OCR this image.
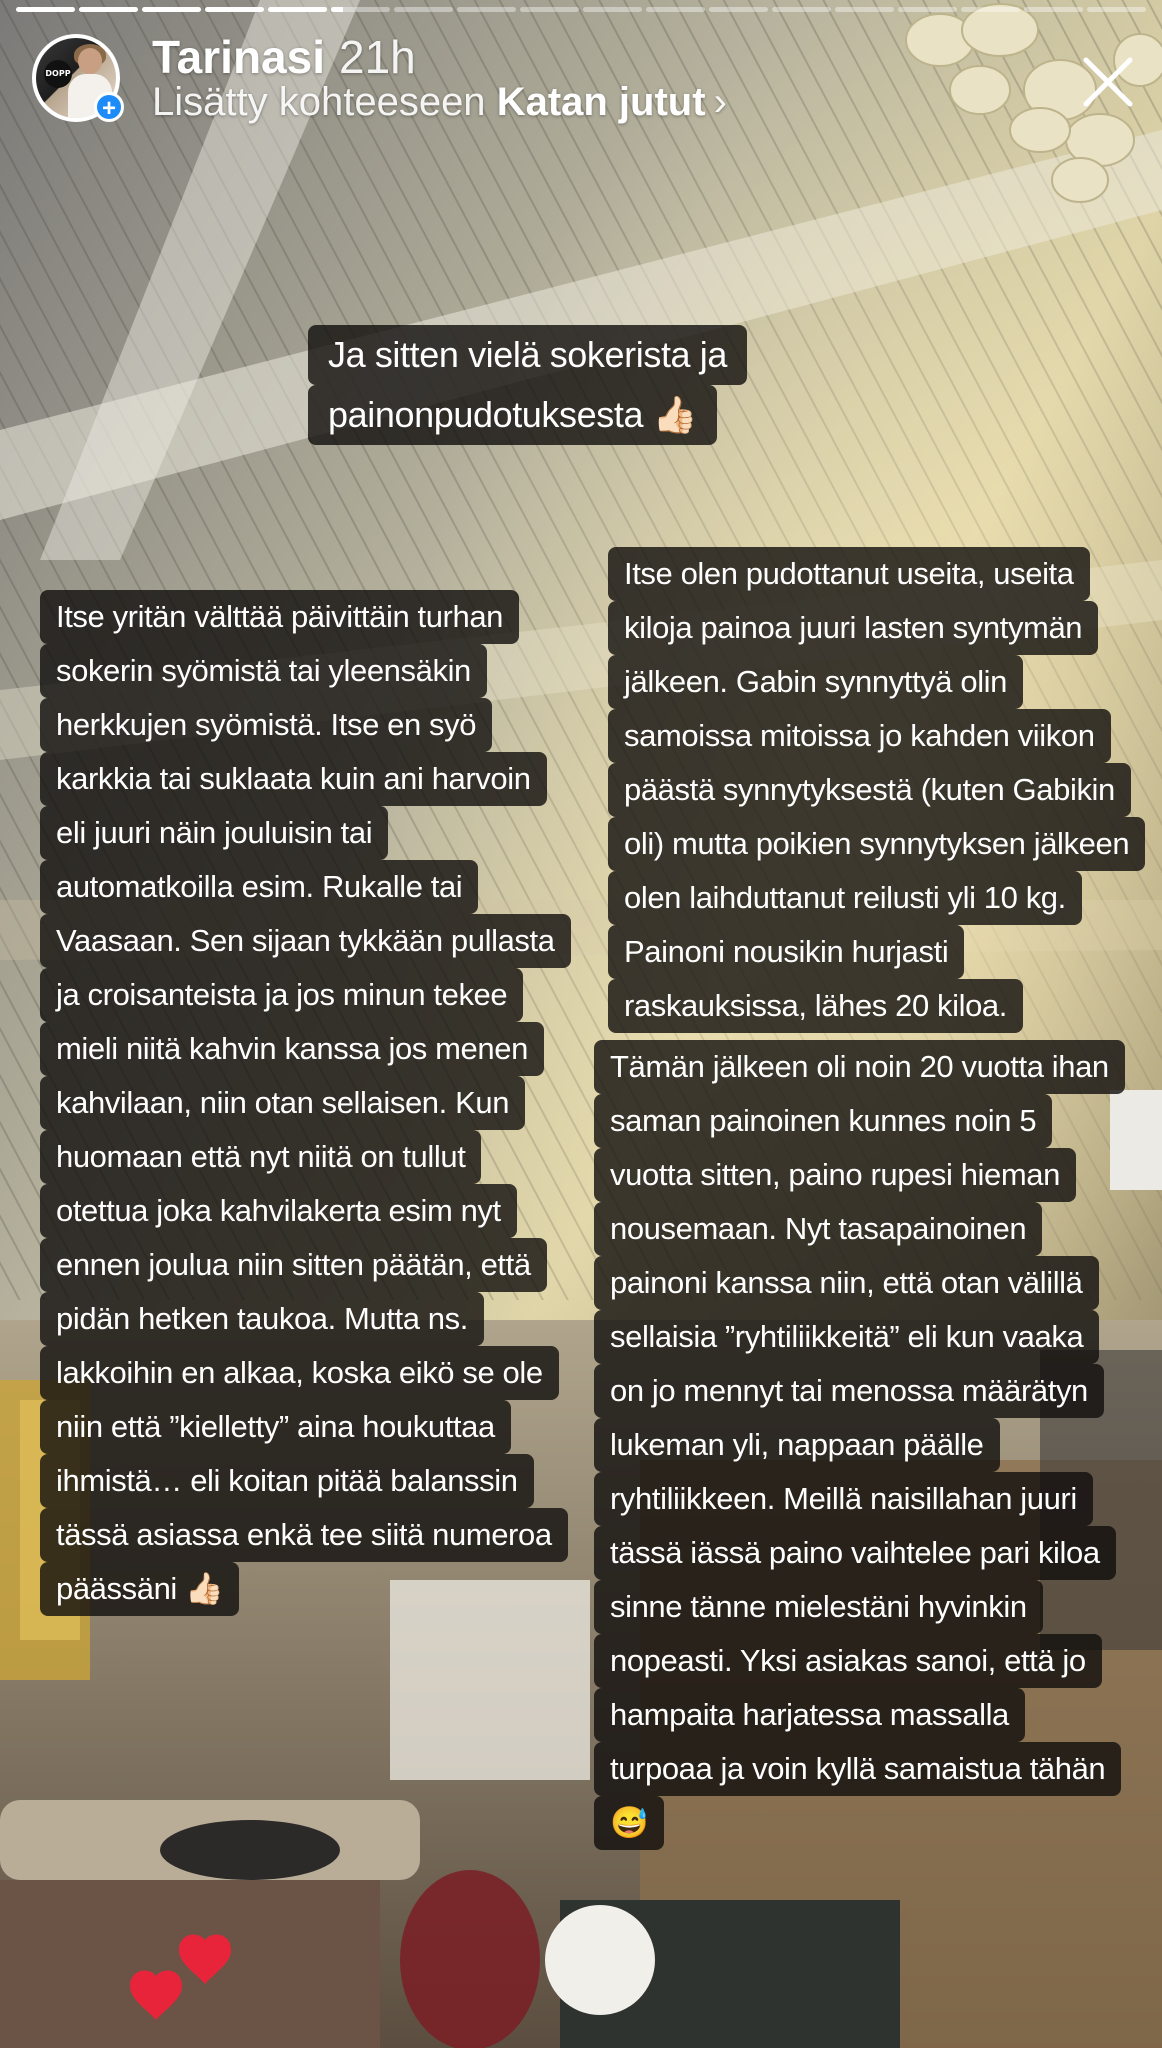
DOPP
+
Tarinasi 21h
Lisätty kohteeseen Katan jutut ›
Ja sitten vielä sokerista ja
painonpudotuksesta 👍🏻
Itse yritän välttää päivittäin turhan
sokerin syömistä tai yleensäkin
herkkujen syömistä. Itse en syö
karkkia tai suklaata kuin ani harvoin
eli juuri näin jouluisin tai
automatkoilla esim. Rukalle tai
Vaasaan. Sen sijaan tykkään pullasta
ja croisanteista ja jos minun tekee
mieli niitä kahvin kanssa jos menen
kahvilaan, niin otan sellaisen. Kun
huomaan että nyt niitä on tullut
otettua joka kahvilakerta esim nyt
ennen joulua niin sitten päätän, että
pidän hetken taukoa. Mutta ns.
lakkoihin en alkaa, koska eikö se ole
niin että ”kielletty” aina houkuttaa
ihmistä… eli koitan pitää balanssin
tässä asiassa enkä tee siitä numeroa
päässäni 👍🏻
Itse olen pudottanut useita, useita
kiloja painoa juuri lasten syntymän
jälkeen. Gabin synnyttyä olin
samoissa mitoissa jo kahden viikon
päästä synnytyksestä (kuten Gabikin
oli) mutta poikien synnytyksen jälkeen
olen laihduttanut reilusti yli 10 kg.
Painoni nousikin hurjasti
raskauksissa, lähes 20 kiloa.
Tämän jälkeen oli noin 20 vuotta ihan
saman painoinen kunnes noin 5
vuotta sitten, paino rupesi hieman
nousemaan. Nyt tasapainoinen
painoni kanssa niin, että otan välillä
sellaisia ”ryhtiliikkeitä” eli kun vaaka
on jo mennyt tai menossa määrätyn
lukeman yli, nappaan päälle
ryhtiliikkeen. Meillä naisillahan juuri
tässä iässä paino vaihtelee pari kiloa
sinne tänne mielestäni hyvinkin
nopeasti. Yksi asiakas sanoi, että jo
hampaita harjatessa massalla
turpoaa ja voin kyllä samaistua tähän
😅
